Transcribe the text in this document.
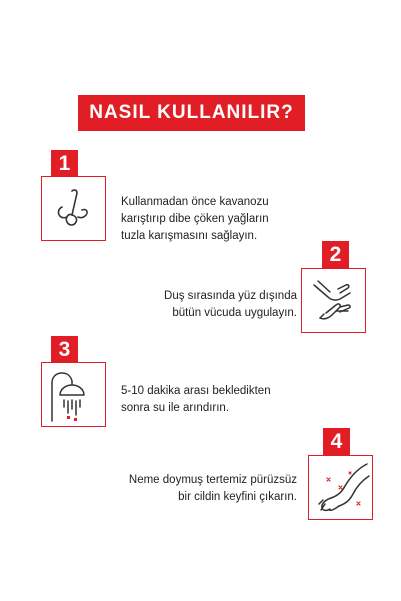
NASIL KULLANILIR?
1
Kullanmadan önce kavanozu
karıştırıp dibe çöken yağların
tuzla karışmasını sağlayın.
2
Duş sırasında yüz dışında
bütün vücuda uygulayın.
3
5-10 dakika arası bekledikten
sonra su ile arındırın.
4
Neme doymuş tertemiz pürüzsüz
bir cildin keyfini çıkarın.
